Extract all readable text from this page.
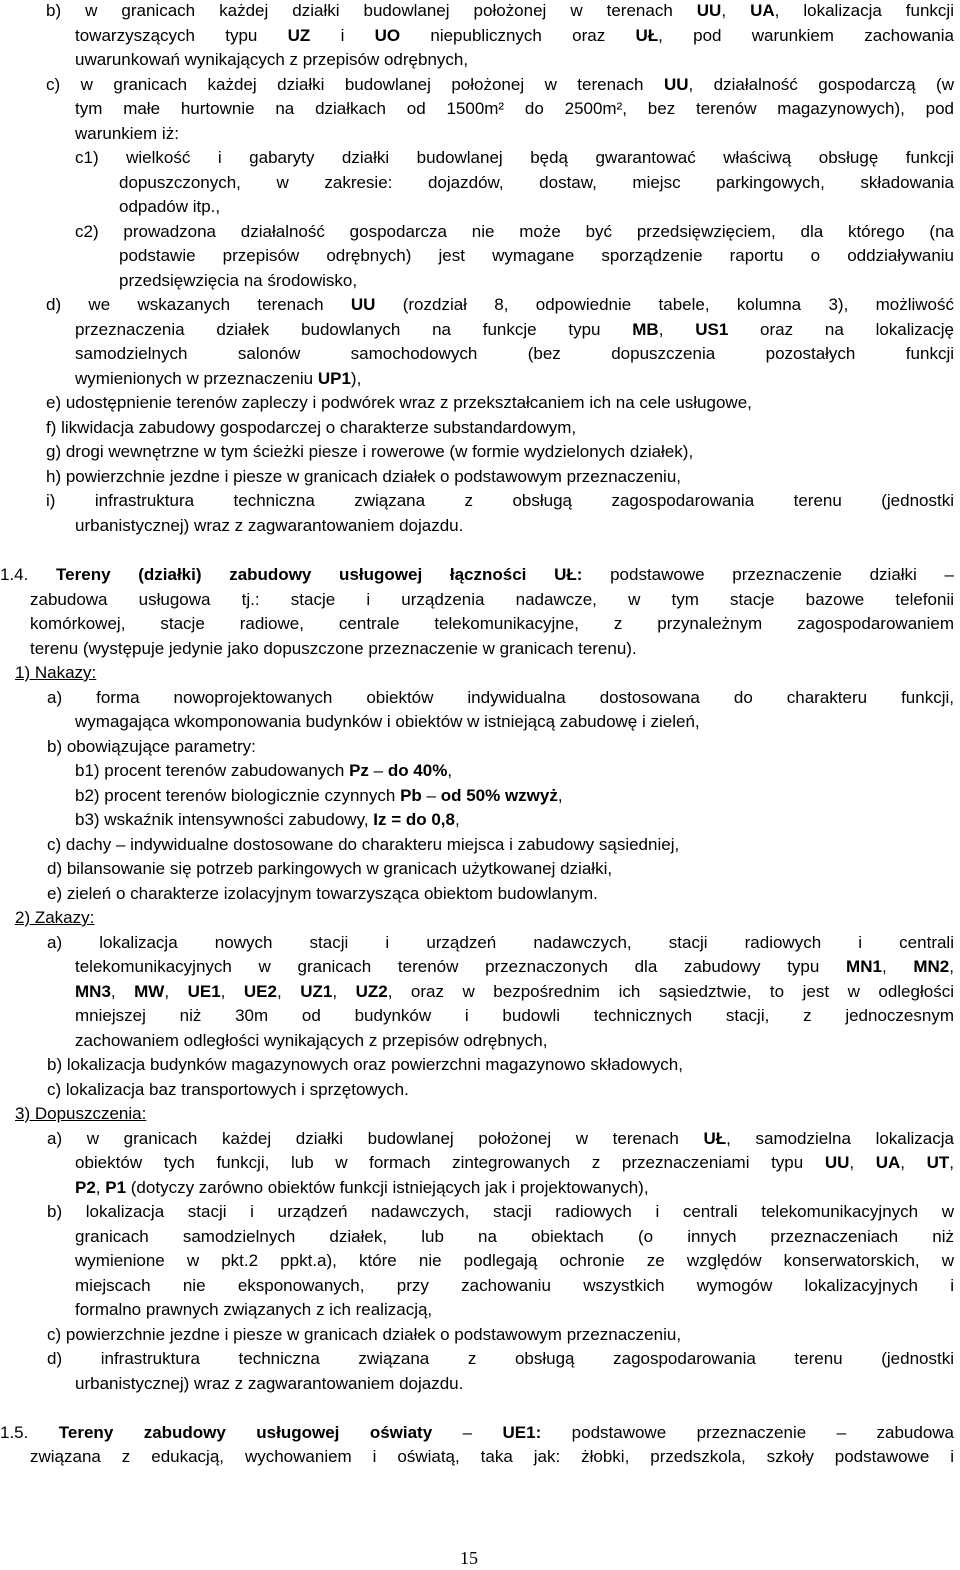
b) w granicach każdej działki budowlanej położonej w terenach UU, UA, lokalizacja funkcji
towarzyszących typu UZ i UO niepublicznych oraz UŁ, pod warunkiem zachowania
uwarunkowań wynikających z przepisów odrębnych,
c) w granicach każdej działki budowlanej położonej w terenach UU, działalność gospodarczą (w
tym małe hurtownie na działkach od 1500m² do 2500m², bez terenów magazynowych), pod
warunkiem iż:
c1) wielkość i gabaryty działki budowlanej będą gwarantować właściwą obsługę funkcji
dopuszczonych, w zakresie: dojazdów, dostaw, miejsc parkingowych, składowania
odpadów itp.,
c2) prowadzona działalność gospodarcza nie może być przedsięwzięciem, dla którego (na
podstawie przepisów odrębnych) jest wymagane sporządzenie raportu o oddziaływaniu
przedsięwzięcia na środowisko,
d) we wskazanych terenach UU (rozdział 8, odpowiednie tabele, kolumna 3), możliwość
przeznaczenia działek budowlanych na funkcje typu MB, US1 oraz na lokalizację
samodzielnych salonów samochodowych (bez dopuszczenia pozostałych funkcji
wymienionych w przeznaczeniu UP1),
e) udostępnienie terenów zapleczy i podwórek wraz z przekształcaniem ich na cele usługowe,
f) likwidacja zabudowy gospodarczej o charakterze substandardowym,
g) drogi wewnętrzne w tym ścieżki piesze i rowerowe (w formie wydzielonych działek),
h) powierzchnie jezdne i piesze w granicach działek o podstawowym przeznaczeniu,
i) infrastruktura techniczna związana z obsługą zagospodarowania terenu (jednostki
urbanistycznej) wraz z zagwarantowaniem dojazdu.
1.4. Tereny (działki) zabudowy usługowej łączności UŁ: podstawowe przeznaczenie działki –
zabudowa usługowa tj.: stacje i urządzenia nadawcze, w tym stacje bazowe telefonii
komórkowej, stacje radiowe, centrale telekomunikacyjne, z przynależnym zagospodarowaniem
terenu (występuje jedynie jako dopuszczone przeznaczenie w granicach terenu).
1) Nakazy:
a) forma nowoprojektowanych obiektów indywidualna dostosowana do charakteru funkcji,
wymagająca wkomponowania budynków i obiektów w istniejącą zabudowę i zieleń,
b) obowiązujące parametry:
b1) procent terenów zabudowanych Pz – do 40%,
b2) procent terenów biologicznie czynnych Pb – od 50% wzwyż,
b3) wskaźnik intensywności zabudowy, Iz = do 0,8,
c) dachy – indywidualne dostosowane do charakteru miejsca i zabudowy sąsiedniej,
d) bilansowanie się potrzeb parkingowych w granicach użytkowanej działki,
e) zieleń o charakterze izolacyjnym towarzysząca obiektom budowlanym.
2) Zakazy:
a) lokalizacja nowych stacji i urządzeń nadawczych, stacji radiowych i centrali
telekomunikacyjnych w granicach terenów przeznaczonych dla zabudowy typu MN1, MN2,
MN3, MW, UE1, UE2, UZ1, UZ2, oraz w bezpośrednim ich sąsiedztwie, to jest w odległości
mniejszej niż 30m od budynków i budowli technicznych stacji, z jednoczesnym
zachowaniem odległości wynikających z przepisów odrębnych,
b) lokalizacja budynków magazynowych oraz powierzchni magazynowo składowych,
c) lokalizacja baz transportowych i sprzętowych.
3) Dopuszczenia:
a) w granicach każdej działki budowlanej położonej w terenach UŁ, samodzielna lokalizacja
obiektów tych funkcji, lub w formach zintegrowanych z przeznaczeniami typu UU, UA, UT,
P2, P1 (dotyczy zarówno obiektów funkcji istniejących jak i projektowanych),
b) lokalizacja stacji i urządzeń nadawczych, stacji radiowych i centrali telekomunikacyjnych w
granicach samodzielnych działek, lub na obiektach (o innych przeznaczeniach niż
wymienione w pkt.2 ppkt.a), które nie podlegają ochronie ze względów konserwatorskich, w
miejscach nie eksponowanych, przy zachowaniu wszystkich wymogów lokalizacyjnych i
formalno prawnych związanych z ich realizacją,
c) powierzchnie jezdne i piesze w granicach działek o podstawowym przeznaczeniu,
d) infrastruktura techniczna związana z obsługą zagospodarowania terenu (jednostki
urbanistycznej) wraz z zagwarantowaniem dojazdu.
1.5. Tereny zabudowy usługowej oświaty – UE1: podstawowe przeznaczenie – zabudowa
związana z edukacją, wychowaniem i oświatą, taka jak: żłobki, przedszkola, szkoły podstawowe i
15
